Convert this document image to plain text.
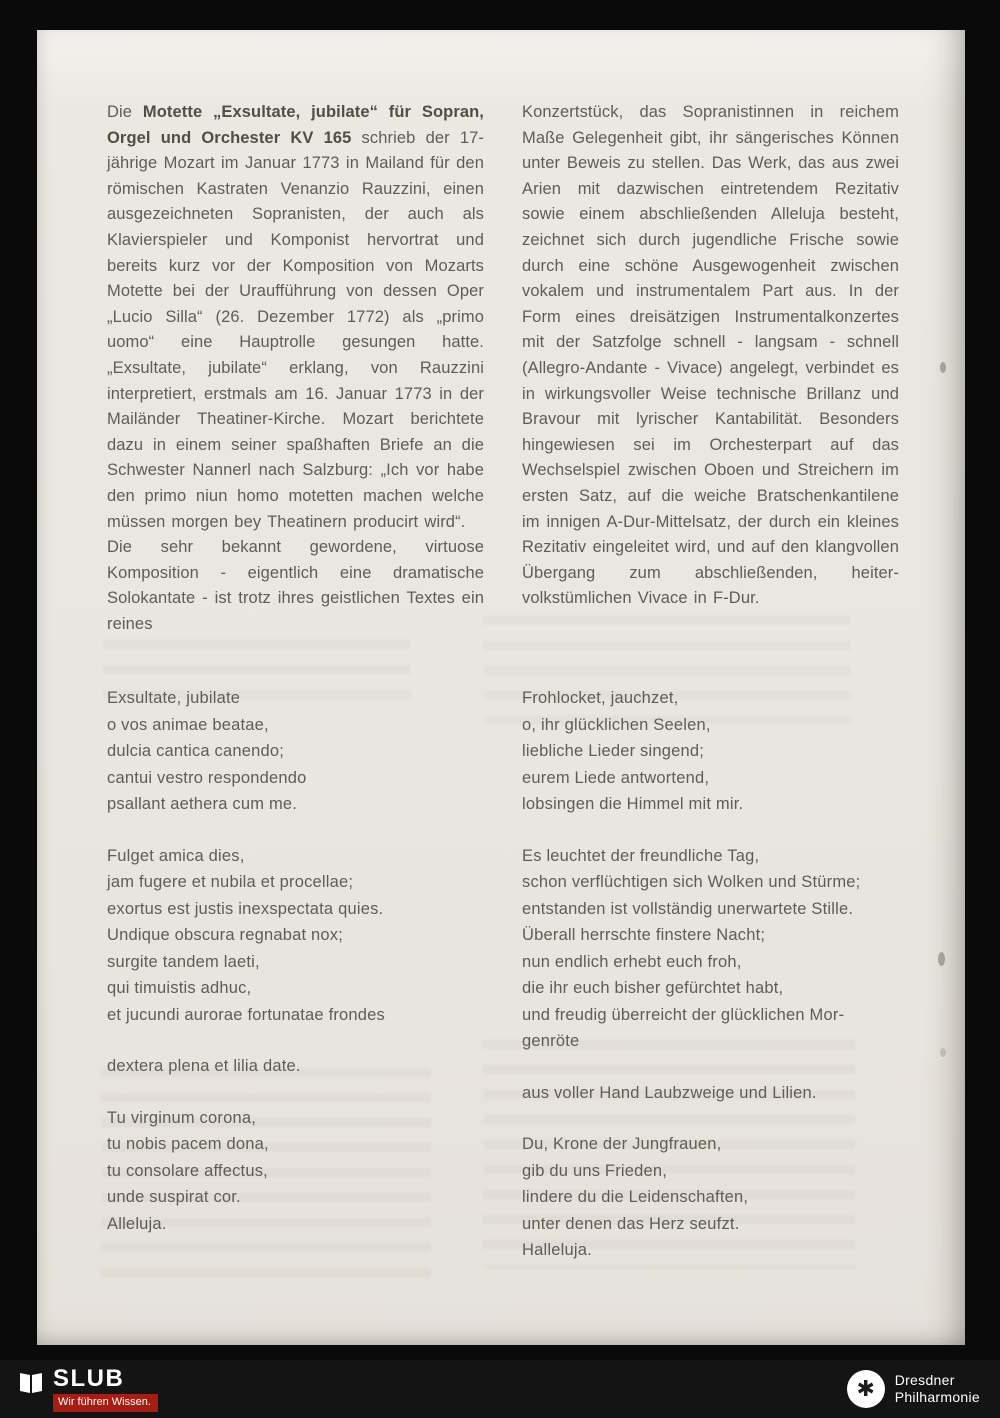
Die Motette „Exsultate, jubilate“ für Sopran, Orgel und Orchester KV 165 schrieb der 17-jährige Mozart im Januar 1773 in Mailand für den römischen Kastraten Venanzio Rauzzini, einen ausgezeichneten Sopranisten, der auch als Klavierspieler und Komponist hervortrat und bereits kurz vor der Komposition von Mozarts Motette bei der Uraufführung von dessen Oper „Lucio Silla“ (26. Dezember 1772) als „primo uomo“ eine Hauptrolle gesungen hatte. „Exsultate, jubilate“ erklang, von Rauzzini interpretiert, erstmals am 16. Januar 1773 in der Mailänder Theatiner-Kirche. Mozart berichtete dazu in einem seiner spaßhaften Briefe an die Schwester Nannerl nach Salzburg: „Ich vor habe den primo niun homo motetten machen welche müssen morgen bey Theatinern producirt wird“.

Die sehr bekannt gewordene, virtuose Komposition - eigentlich eine dramatische Solokantate - ist trotz ihres geistlichen Textes ein reines

Konzertstück, das Sopranistinnen in reichem Maße Gelegenheit gibt, ihr sängerisches Können unter Beweis zu stellen. Das Werk, das aus zwei Arien mit dazwischen eintretendem Rezitativ sowie einem abschließenden Alleluja besteht, zeichnet sich durch jugendliche Frische sowie durch eine schöne Ausgewogenheit zwischen vokalem und instrumentalem Part aus. In der Form eines dreisätzigen Instrumentalkonzertes mit der Satzfolge schnell - langsam - schnell (Allegro-Andante - Vivace) angelegt, verbindet es in wirkungsvoller Weise technische Brillanz und Bravour mit lyrischer Kantabilität. Besonders hingewiesen sei im Orchesterpart auf das Wechselspiel zwischen Oboen und Streichern im ersten Satz, auf die weiche Bratschenkantilene im innigen A-Dur-Mittelsatz, der durch ein kleines Rezitativ eingeleitet wird, und auf den klangvollen Übergang zum abschließenden, heiter-volkstümlichen Vivace in F-Dur.

Exsultate, jubilate
o vos animae beatae,
dulcia cantica canendo;
cantui vestro respondendo
psallant aethera cum me.
Fulget amica dies,
jam fugere et nubila et procellae;
exortus est justis inexspectata quies.
Undique obscura regnabat nox;
surgite tandem laeti,
qui timuistis adhuc,
et jucundi aurorae fortunatae frondes
dextera plena et lilia date.
Tu virginum corona,
tu nobis pacem dona,
tu consolare affectus,
unde suspirat cor.
Alleluja.
Frohlocket, jauchzet,
o, ihr glücklichen Seelen,
liebliche Lieder singend;
eurem Liede antwortend,
lobsingen die Himmel mit mir.
Es leuchtet der freundliche Tag,
schon verflüchtigen sich Wolken und Stürme;
entstanden ist vollständig unerwartete Stille.
Überall herrschte finstere Nacht;
nun endlich erhebt euch froh,
die ihr euch bisher gefürchtet habt,
und freudig überreicht der glücklichen Mor-
genröte
aus voller Hand Laubzweige und Lilien.
Du, Krone der Jungfrauen,
gib du uns Frieden,
lindere du die Leidenschaften,
unter denen das Herz seufzt.
Halleluja.
SLUB
Wir führen Wissen.
✱	Dresdner
Philharmonie
